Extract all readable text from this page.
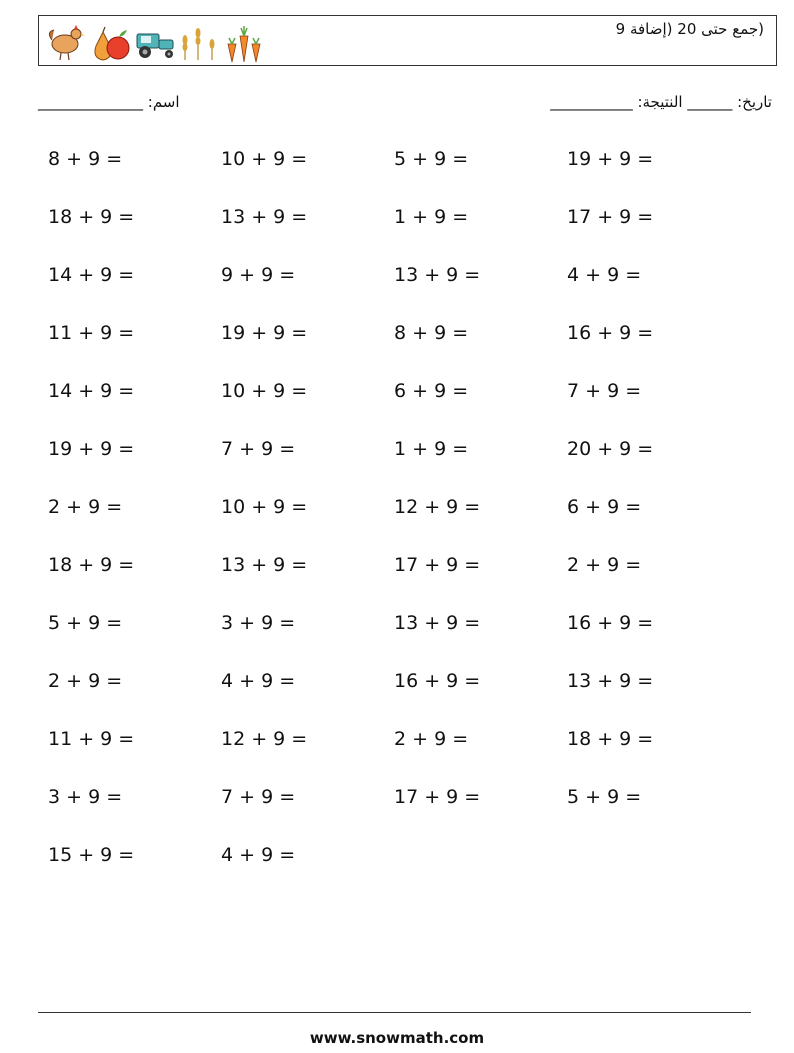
(جمع حتى 20 (إضافة 9
اسم: ______________	تاريخ: ______ النتيجة: ___________
8 + 9 =	10 + 9 =	5 + 9 =	19 + 9 =
18 + 9 =	13 + 9 =	1 + 9 =	17 + 9 =
14 + 9 =	9 + 9 =	13 + 9 =	4 + 9 =
11 + 9 =	19 + 9 =	8 + 9 =	16 + 9 =
14 + 9 =	10 + 9 =	6 + 9 =	7 + 9 =
19 + 9 =	7 + 9 =	1 + 9 =	20 + 9 =
2 + 9 =	10 + 9 =	12 + 9 =	6 + 9 =
18 + 9 =	13 + 9 =	17 + 9 =	2 + 9 =
5 + 9 =	3 + 9 =	13 + 9 =	16 + 9 =
2 + 9 =	4 + 9 =	16 + 9 =	13 + 9 =
11 + 9 =	12 + 9 =	2 + 9 =	18 + 9 =
3 + 9 =	7 + 9 =	17 + 9 =	5 + 9 =
15 + 9 =	4 + 9 =
www.snowmath.com
